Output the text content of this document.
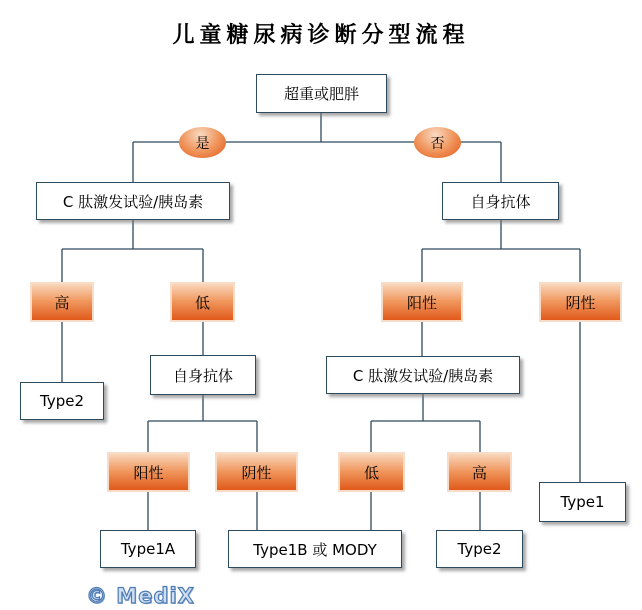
儿童糖尿病诊断分型流程
超重或肥胖
是	否
C 肽激发试验/胰岛素	自身抗体
高	低	阳性	阴性
Type2
自身抗体	C 肽激发试验/胰岛素
阳性	阴性	低	高
Type1
Type1A	Type1B 或 MODY	Type2
© MediX
